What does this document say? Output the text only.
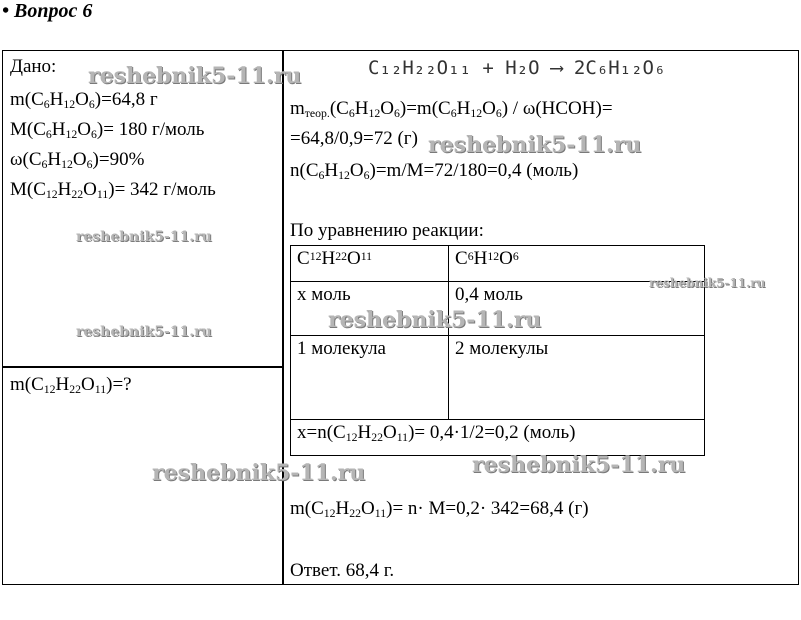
• Вопрос 6
Дано:
$m(C_6H_{12}O_6)=64,8$ г
$M(C_6H_{12}O_6)= 180$ г/моль
$\omega(C_6H_{12}O_6)=90\%$
$M(C_{12}H_{22}O_{11})= 342$ г/моль
$m(C_{12}H_{22}O_{11})=$?
C₁₂H₂₂O₁₁ + H₂O ⟶ 2C₆H₁₂O₆
$m_{теор.}(C_6H_{12}O_6)=m(C_6H_{12}O_6)$ / ω(HCOH)=
=64,8/0,9=72 (г)
$n(C_6H_{12}O_6)=m/M=72/180=0,4$ (моль)
По уравнению реакции:
$C^{12}H^{22}O^{11}$	$C^6H^{12}O^6$
x моль	0,4 моль
1 молекула	2 молекулы
$x=n(C_{12}H_{22}O_{11})= 0,4\cdot 1/2=0,2$ (моль)	
$m(C_{12}H_{22}O_{11})= n\cdot M=0,2\cdot 342=68,4$ (г)
Ответ. 68,4 г.
reshebnik5-11.ru
reshebnik5-11.ru
reshebnik5-11.ru
reshebnik5-11.ru
reshebnik5-11.ru	reshebnik5-11.ru
reshebnik5-11.ru	reshebnik5-11.ru
